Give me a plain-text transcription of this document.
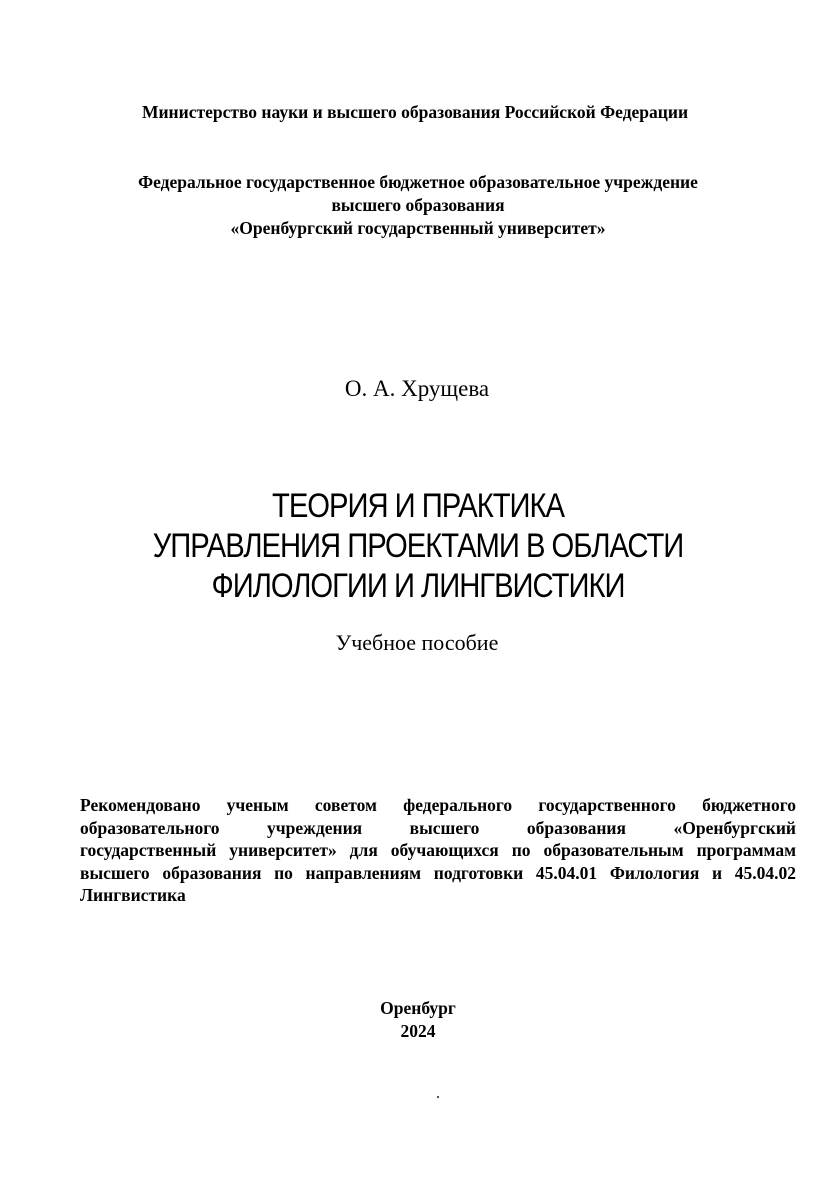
Министерство науки и высшего образования Российской Федерации
Федеральное государственное бюджетное образовательное учреждение
высшего образования
«Оренбургский государственный университет»
О. А. Хрущева
ТЕОРИЯ И ПРАКТИКА
УПРАВЛЕНИЯ ПРОЕКТАМИ В ОБЛАСТИ
ФИЛОЛОГИИ И ЛИНГВИСТИКИ
Учебное пособие
Рекомендовано ученым советом федерального государственного бюджетного
образовательного учреждения высшего образования «Оренбургский
государственный университет» для обучающихся по образовательным программам
высшего образования по направлениям подготовки 45.04.01 Филология и 45.04.02
Лингвистика
Оренбург
2024
